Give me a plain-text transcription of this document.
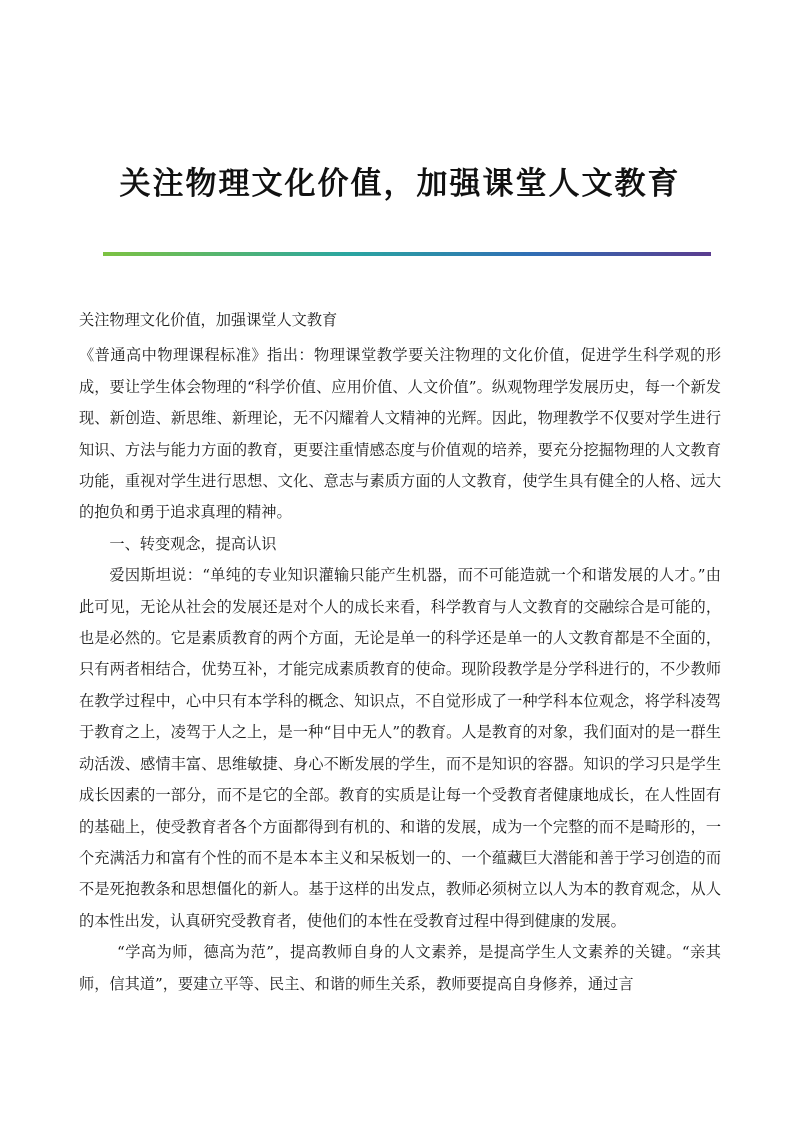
关注物理文化价值，加强课堂人文教育

关注物理文化价值，加强课堂人文教育

《普通高中物理课程标准》指出：物理课堂教学要关注物理的文化价值，促进学生科学观的形成，要让学生体会物理的“科学价值、应用价值、人文价值”。纵观物理学发展历史，每一个新发现、新创造、新思维、新理论，无不闪耀着人文精神的光辉。因此，物理教学不仅要对学生进行知识、方法与能力方面的教育，更要注重情感态度与价值观的培养，要充分挖掘物理的人文教育功能，重视对学生进行思想、文化、意志与素质方面的人文教育，使学生具有健全的人格、远大的抱负和勇于追求真理的精神。

一、转变观念，提高认识

爱因斯坦说：“单纯的专业知识灌输只能产生机器，而不可能造就一个和谐发展的人才。”由此可见，无论从社会的发展还是对个人的成长来看，科学教育与人文教育的交融综合是可能的，也是必然的。它是素质教育的两个方面，无论是单一的科学还是单一的人文教育都是不全面的，只有两者相结合，优势互补，才能完成素质教育的使命。现阶段教学是分学科进行的，不少教师在教学过程中，心中只有本学科的概念、知识点，不自觉形成了一种学科本位观念，将学科凌驾于教育之上，凌驾于人之上，是一种“目中无人”的教育。人是教育的对象，我们面对的是一群生动活泼、感情丰富、思维敏捷、身心不断发展的学生，而不是知识的容器。知识的学习只是学生成长因素的一部分，而不是它的全部。教育的实质是让每一个受教育者健康地成长，在人性固有的基础上，使受教育者各个方面都得到有机的、和谐的发展，成为一个完整的而不是畸形的，一个充满活力和富有个性的而不是本本主义和呆板划一的、一个蕴藏巨大潜能和善于学习创造的而不是死抱教条和思想僵化的新人。基于这样的出发点，教师必须树立以人为本的教育观念，从人的本性出发，认真研究受教育者，使他们的本性在受教育过程中得到健康的发展。

“学高为师，德高为范”，提高教师自身的人文素养，是提高学生人文素养的关键。“亲其师，信其道”，要建立平等、民主、和谐的师生关系，教师要提高自身修养，通过言
